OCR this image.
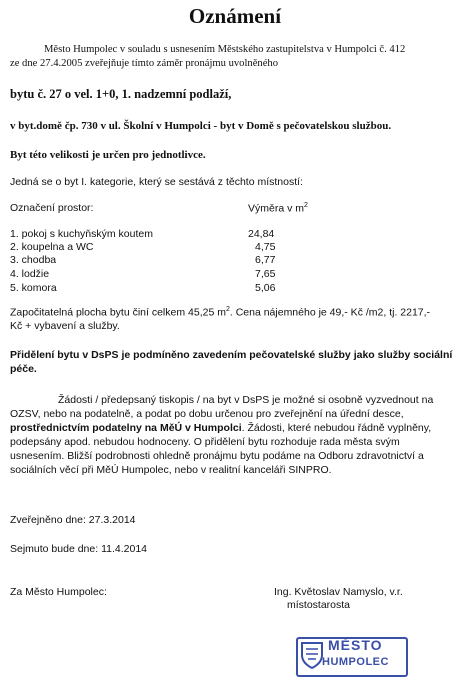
Oznámení
Město Humpolec v souladu s usnesením Městského zastupitelstva v Humpolci č. 412
ze dne 27.4.2005 zveřejňuje tímto záměr pronájmu uvolněného
bytu č. 27 o vel. 1+0, 1. nadzemní podlaží,
v byt.domě čp. 730 v ul. Školní v Humpolci - byt v Domě s pečovatelskou službou.
Byt této velikosti je určen pro jednotlivce.
Jedná se o byt I. kategorie, který se sestává z těchto místností:
Označení prostor:	Výměra v $m^2$
1. pokoj s kuchyňským koutem	24,84
2. koupelna a WC	4,75
3. chodba	6,77
4. lodžie	7,65
5. komora	5,06
Započitatelná plocha bytu činí celkem 45,25 $m^2$. Cena nájemného je 49,- Kč /m2, tj. 2217,-
Kč + vybavení a služby.
Přidělení bytu v DsPS je podmíněno zavedením pečovatelské služby jako služby sociální
péče.
Žádosti / předepsaný tiskopis / na byt v DsPS je možné si osobně vyzvednout na
OZSV, nebo na podatelně, a podat po dobu určenou pro zveřejnění na úřední desce,
prostřednictvím podatelny na MěÚ v Humpolci. Žádosti, které nebudou řádně vyplněny,
podepsány apod. nebudou hodnoceny. O přidělení bytu rozhoduje rada města svým
usnesením. Bližší podrobnosti ohledně pronájmu bytu podáme na Odboru zdravotnictví a
sociálních věcí při MěÚ Humpolec, nebo v realitní kanceláři SINPRO.
Zveřejněno dne: 27.3.2014
Sejmuto bude dne: 11.4.2014
Za Město Humpolec:	Ing. Květoslav Namyslo, v.r.
místostarosta
MĚSTO
HUMPOLEC
